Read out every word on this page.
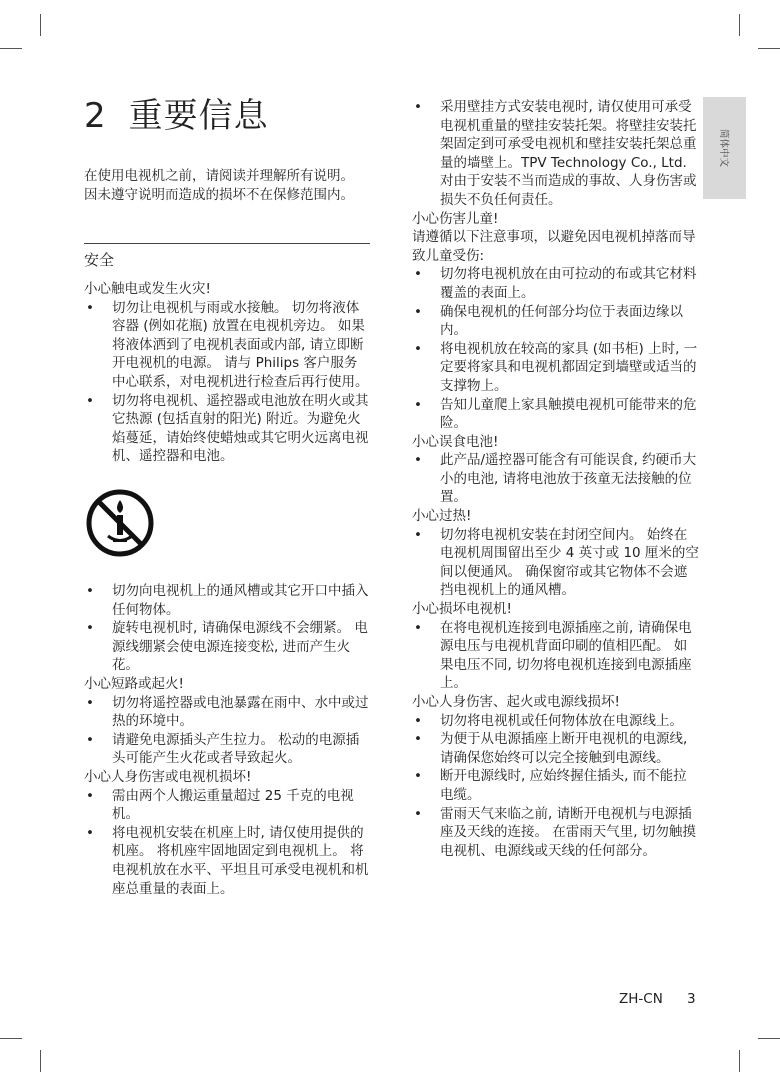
2 重要信息

在使用电视机之前，请阅读并理解所有说明。 因未遵守说明而造成的损坏不在保修范围内。

安全
简体中文

小心触电或发生火灾!

• 切勿让电视机与雨或水接触。 切勿将液体容器 (例如花瓶) 放置在电视机旁边。 如果将液体洒到了电视机表面或内部, 请立即断开电视机的电源。 请与 Philips 客户服务中心联系，对电视机进行检查后再行使用。
• 切勿将电视机、遥控器或电池放在明火或其它热源 (包括直射的阳光) 附近。为避免火焰蔓延，请始终使蜡烛或其它明火远离电视机、遥控器和电池。
• 切勿向电视机上的通风槽或其它开口中插入任何物体。
• 旋转电视机时, 请确保电源线不会绷紧。 电源线绷紧会使电源连接变松, 进而产生火花。

小心短路或起火!

• 切勿将遥控器或电池暴露在雨中、水中或过热的环境中。
• 请避免电源插头产生拉力。 松动的电源插头可能产生火花或者导致起火。

小心人身伤害或电视机损坏!

• 需由两个人搬运重量超过 25 千克的电视机。
• 将电视机安装在机座上时, 请仅使用提供的机座。 将机座牢固地固定到电视机上。 将电视机放在水平、平坦且可承受电视机和机座总重量的表面上。
• 采用壁挂方式安装电视时, 请仅使用可承受电视机重量的壁挂安装托架。将壁挂安装托架固定到可承受电视机和壁挂安装托架总重量的墙壁上。TPV Technology Co., Ltd. 对由于安装不当而造成的事故、人身伤害或损失不负任何责任。

小心伤害儿童!

请遵循以下注意事项，以避免因电视机掉落而导致儿童受伤:

• 切勿将电视机放在由可拉动的布或其它材料覆盖的表面上。
• 确保电视机的任何部分均位于表面边缘以内。
• 将电视机放在较高的家具 (如书柜) 上时, 一定要将家具和电视机都固定到墙壁或适当的支撑物上。
• 告知儿童爬上家具触摸电视机可能带来的危险。

小心误食电池!

• 此产品/遥控器可能含有可能误食, 约硬币大小的电池, 请将电池放于孩童无法接触的位置。

小心过热!

• 切勿将电视机安装在封闭空间内。 始终在电视机周围留出至少 4 英寸或 10 厘米的空间以便通风。 确保窗帘或其它物体不会遮挡电视机上的通风槽。

小心损坏电视机!

• 在将电视机连接到电源插座之前, 请确保电源电压与电视机背面印刷的值相匹配。 如果电压不同, 切勿将电视机连接到电源插座上。

小心人身伤害、起火或电源线损坏!

• 切勿将电视机或任何物体放在电源线上。
• 为便于从电源插座上断开电视机的电源线, 请确保您始终可以完全接触到电源线。
• 断开电源线时, 应始终握住插头, 而不能拉电缆。
• 雷雨天气来临之前, 请断开电视机与电源插座及天线的连接。 在雷雨天气里, 切勿触摸电视机、电源线或天线的任何部分。
ZH-CN 3
